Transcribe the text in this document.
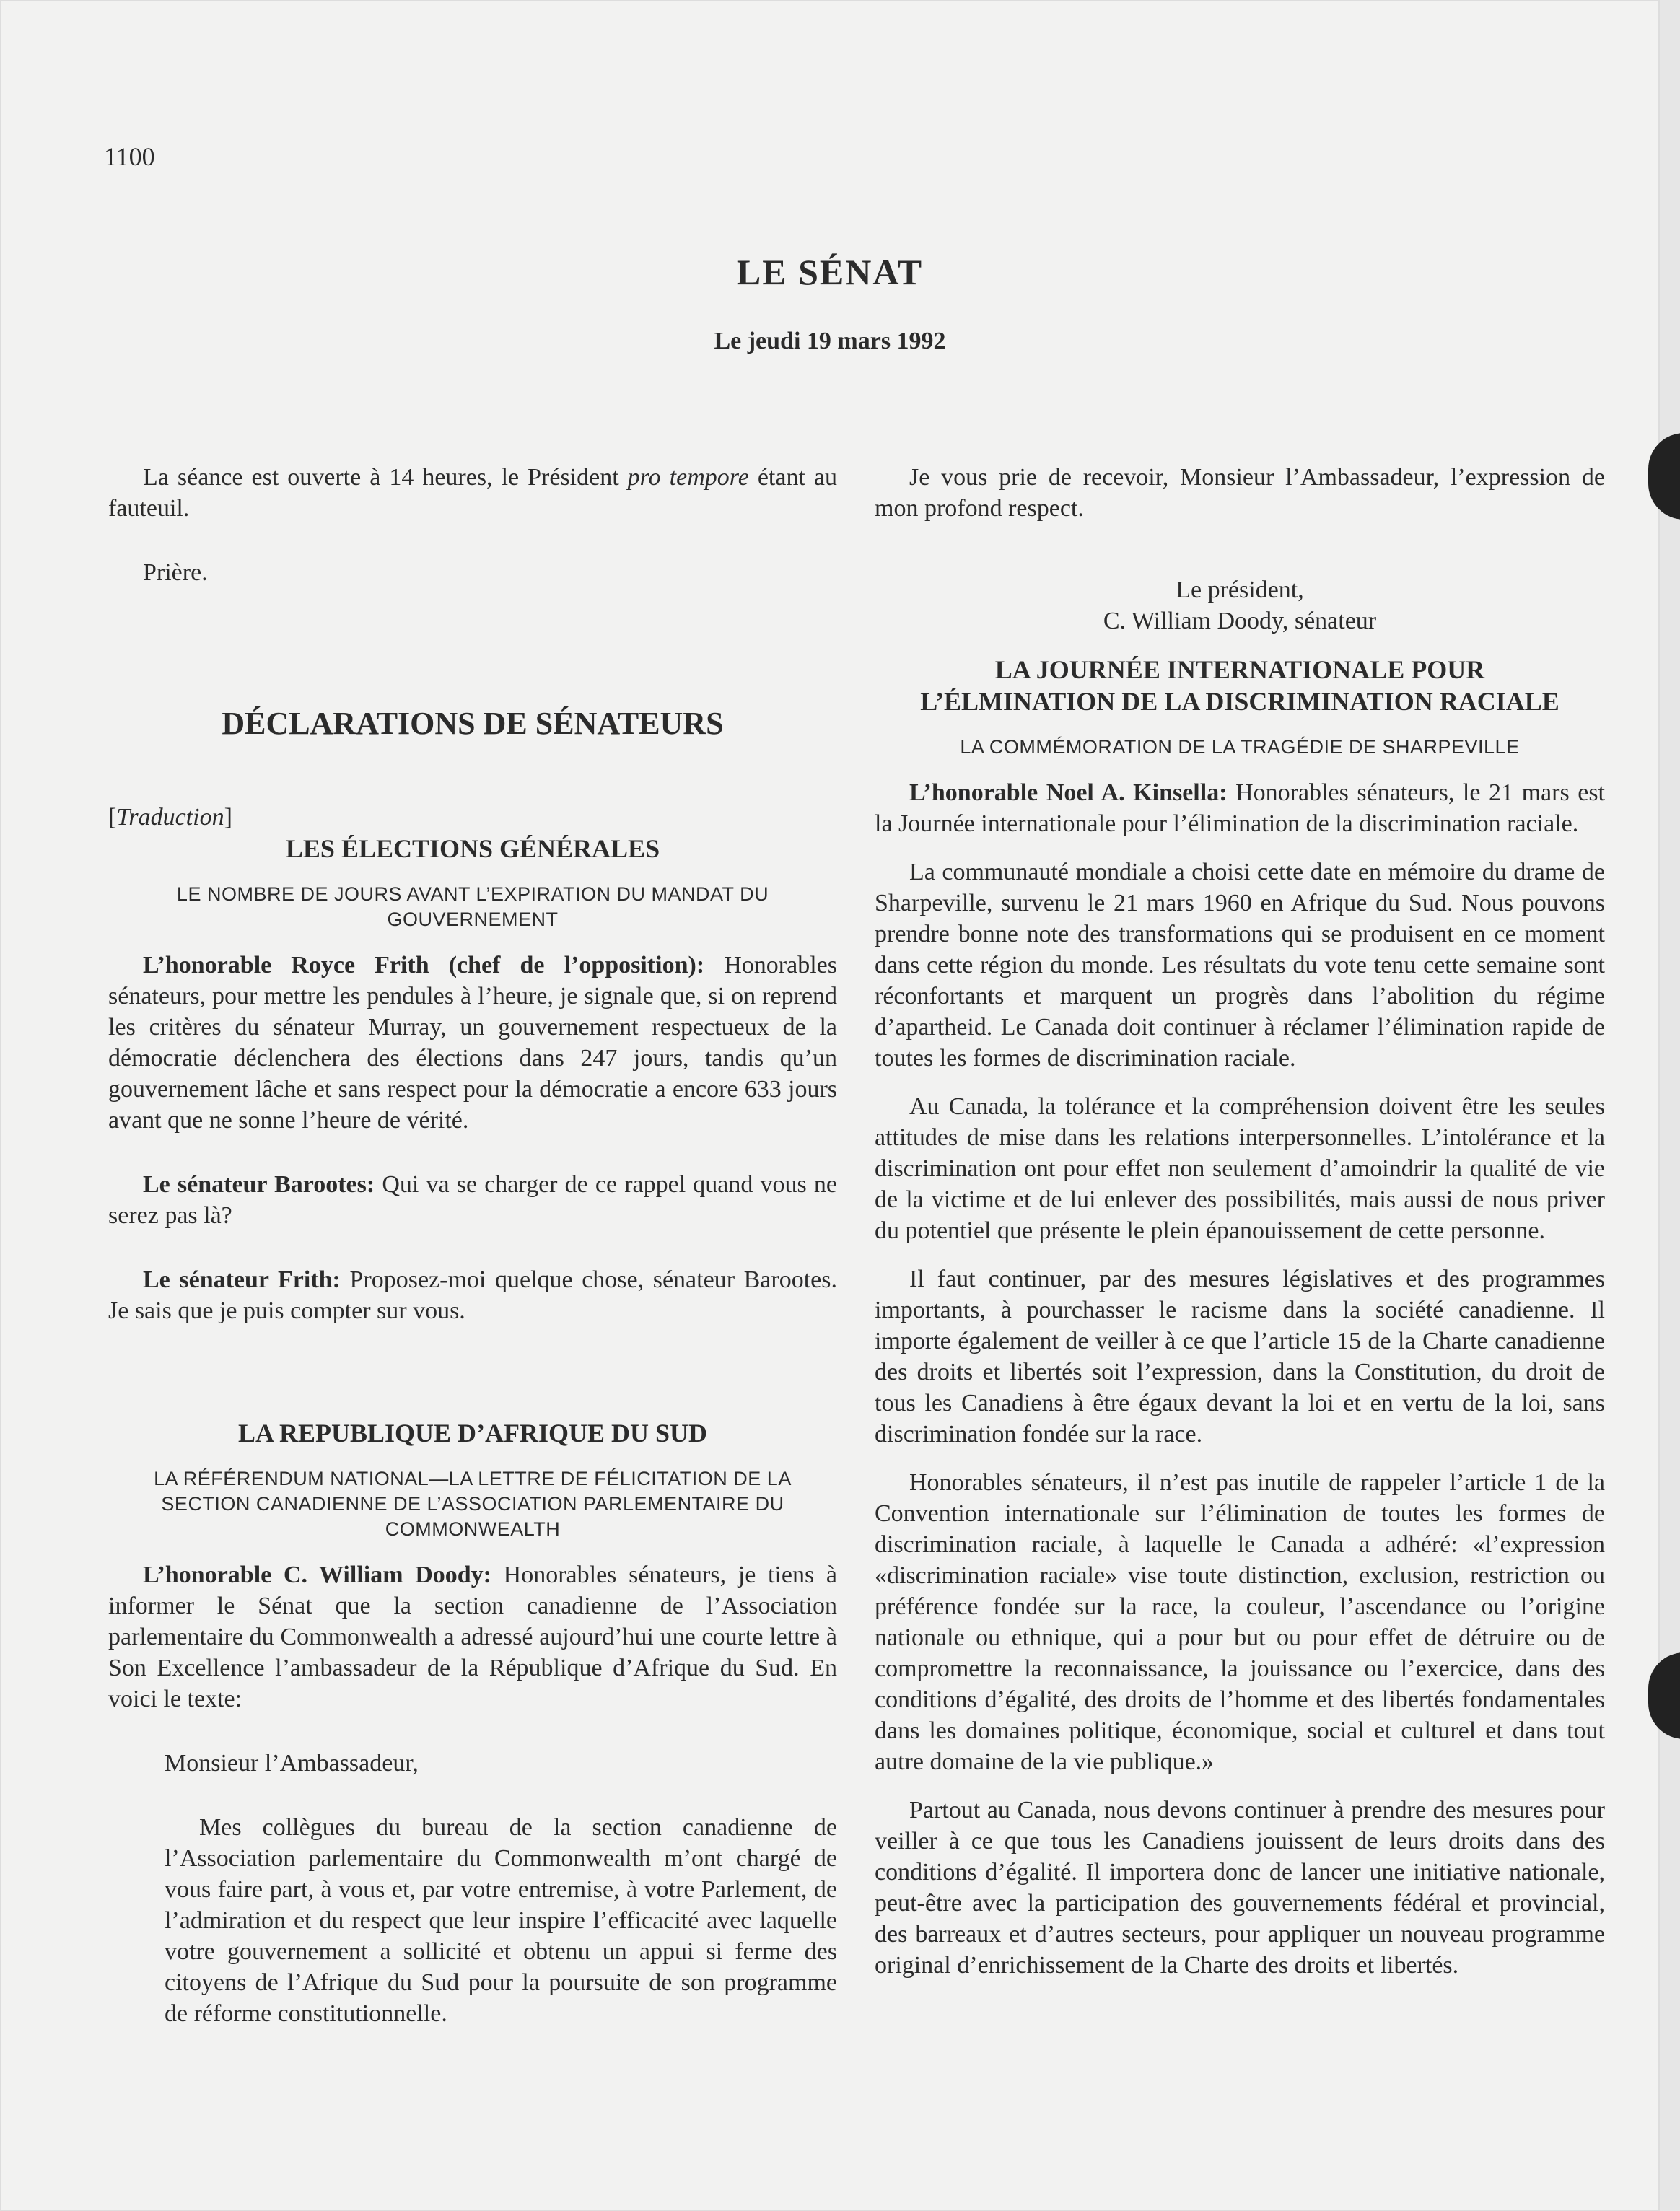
1100
LE SÉNAT
Le jeudi 19 mars 1992

La séance est ouverte à 14 heures, le Président pro tempore étant au fauteuil.

Prière.

DÉCLARATIONS DE SÉNATEURS

[Traduction]

LES ÉLECTIONS GÉNÉRALES

LE NOMBRE DE JOURS AVANT L’EXPIRATION DU MANDAT DU GOUVERNEMENT

L’honorable Royce Frith (chef de l’opposition): Honorables sénateurs, pour mettre les pendules à l’heure, je signale que, si on reprend les critères du sénateur Murray, un gouvernement respectueux de la démocratie déclenchera des élections dans 247 jours, tandis qu’un gouvernement lâche et sans respect pour la démocratie a encore 633 jours avant que ne sonne l’heure de vérité.

Le sénateur Barootes: Qui va se charger de ce rappel quand vous ne serez pas là?

Le sénateur Frith: Proposez-moi quelque chose, sénateur Barootes. Je sais que je puis compter sur vous.

LA REPUBLIQUE D’AFRIQUE DU SUD

LA RÉFÉRENDUM NATIONAL—LA LETTRE DE FÉLICITATION DE LA SECTION CANADIENNE DE L’ASSOCIATION PARLEMENTAIRE DU COMMONWEALTH

L’honorable C. William Doody: Honorables sénateurs, je tiens à informer le Sénat que la section canadienne de l’Association parlementaire du Commonwealth a adressé aujourd’hui une courte lettre à Son Excellence l’ambassadeur de la République d’Afrique du Sud. En voici le texte:

Monsieur l’Ambassadeur,

Mes collègues du bureau de la section canadienne de l’Association parlementaire du Commonwealth m’ont chargé de vous faire part, à vous et, par votre entremise, à votre Parlement, de l’admiration et du respect que leur inspire l’efficacité avec laquelle votre gouvernement a sollicité et obtenu un appui si ferme des citoyens de l’Afrique du Sud pour la poursuite de son programme de réforme constitutionnelle.

Je vous prie de recevoir, Monsieur l’Ambassadeur, l’expression de mon profond respect.

Le président,

C. William Doody, sénateur

LA JOURNÉE INTERNATIONALE POUR

L’ÉLMINATION DE LA DISCRIMINATION RACIALE

LA COMMÉMORATION DE LA TRAGÉDIE DE SHARPEVILLE

L’honorable Noel A. Kinsella: Honorables sénateurs, le 21 mars est la Journée internationale pour l’élimination de la discrimination raciale.

La communauté mondiale a choisi cette date en mémoire du drame de Sharpeville, survenu le 21 mars 1960 en Afrique du Sud. Nous pouvons prendre bonne note des transformations qui se produisent en ce moment dans cette région du monde. Les résultats du vote tenu cette semaine sont réconfortants et marquent un progrès dans l’abolition du régime d’apartheid. Le Canada doit continuer à réclamer l’élimination rapide de toutes les formes de discrimination raciale.

Au Canada, la tolérance et la compréhension doivent être les seules attitudes de mise dans les relations interpersonnelles. L’intolérance et la discrimination ont pour effet non seulement d’amoindrir la qualité de vie de la victime et de lui enlever des possibilités, mais aussi de nous priver du potentiel que présente le plein épanouissement de cette personne.

Il faut continuer, par des mesures législatives et des programmes importants, à pourchasser le racisme dans la société canadienne. Il importe également de veiller à ce que l’article 15 de la Charte canadienne des droits et libertés soit l’expression, dans la Constitution, du droit de tous les Canadiens à être égaux devant la loi et en vertu de la loi, sans discrimination fondée sur la race.

Honorables sénateurs, il n’est pas inutile de rappeler l’article 1 de la Convention internationale sur l’élimination de toutes les formes de discrimination raciale, à laquelle le Canada a adhéré: «l’expression «discrimination raciale» vise toute distinction, exclusion, restriction ou préférence fondée sur la race, la couleur, l’ascendance ou l’origine nationale ou ethnique, qui a pour but ou pour effet de détruire ou de compromettre la reconnaissance, la jouissance ou l’exercice, dans des conditions d’égalité, des droits de l’homme et des libertés fondamentales dans les domaines politique, économique, social et culturel et dans tout autre domaine de la vie publique.»

Partout au Canada, nous devons continuer à prendre des mesures pour veiller à ce que tous les Canadiens jouissent de leurs droits dans des conditions d’égalité. Il importera donc de lancer une initiative nationale, peut-être avec la participation des gouvernements fédéral et provincial, des barreaux et d’autres secteurs, pour appliquer un nouveau programme original d’enrichissement de la Charte des droits et libertés.
